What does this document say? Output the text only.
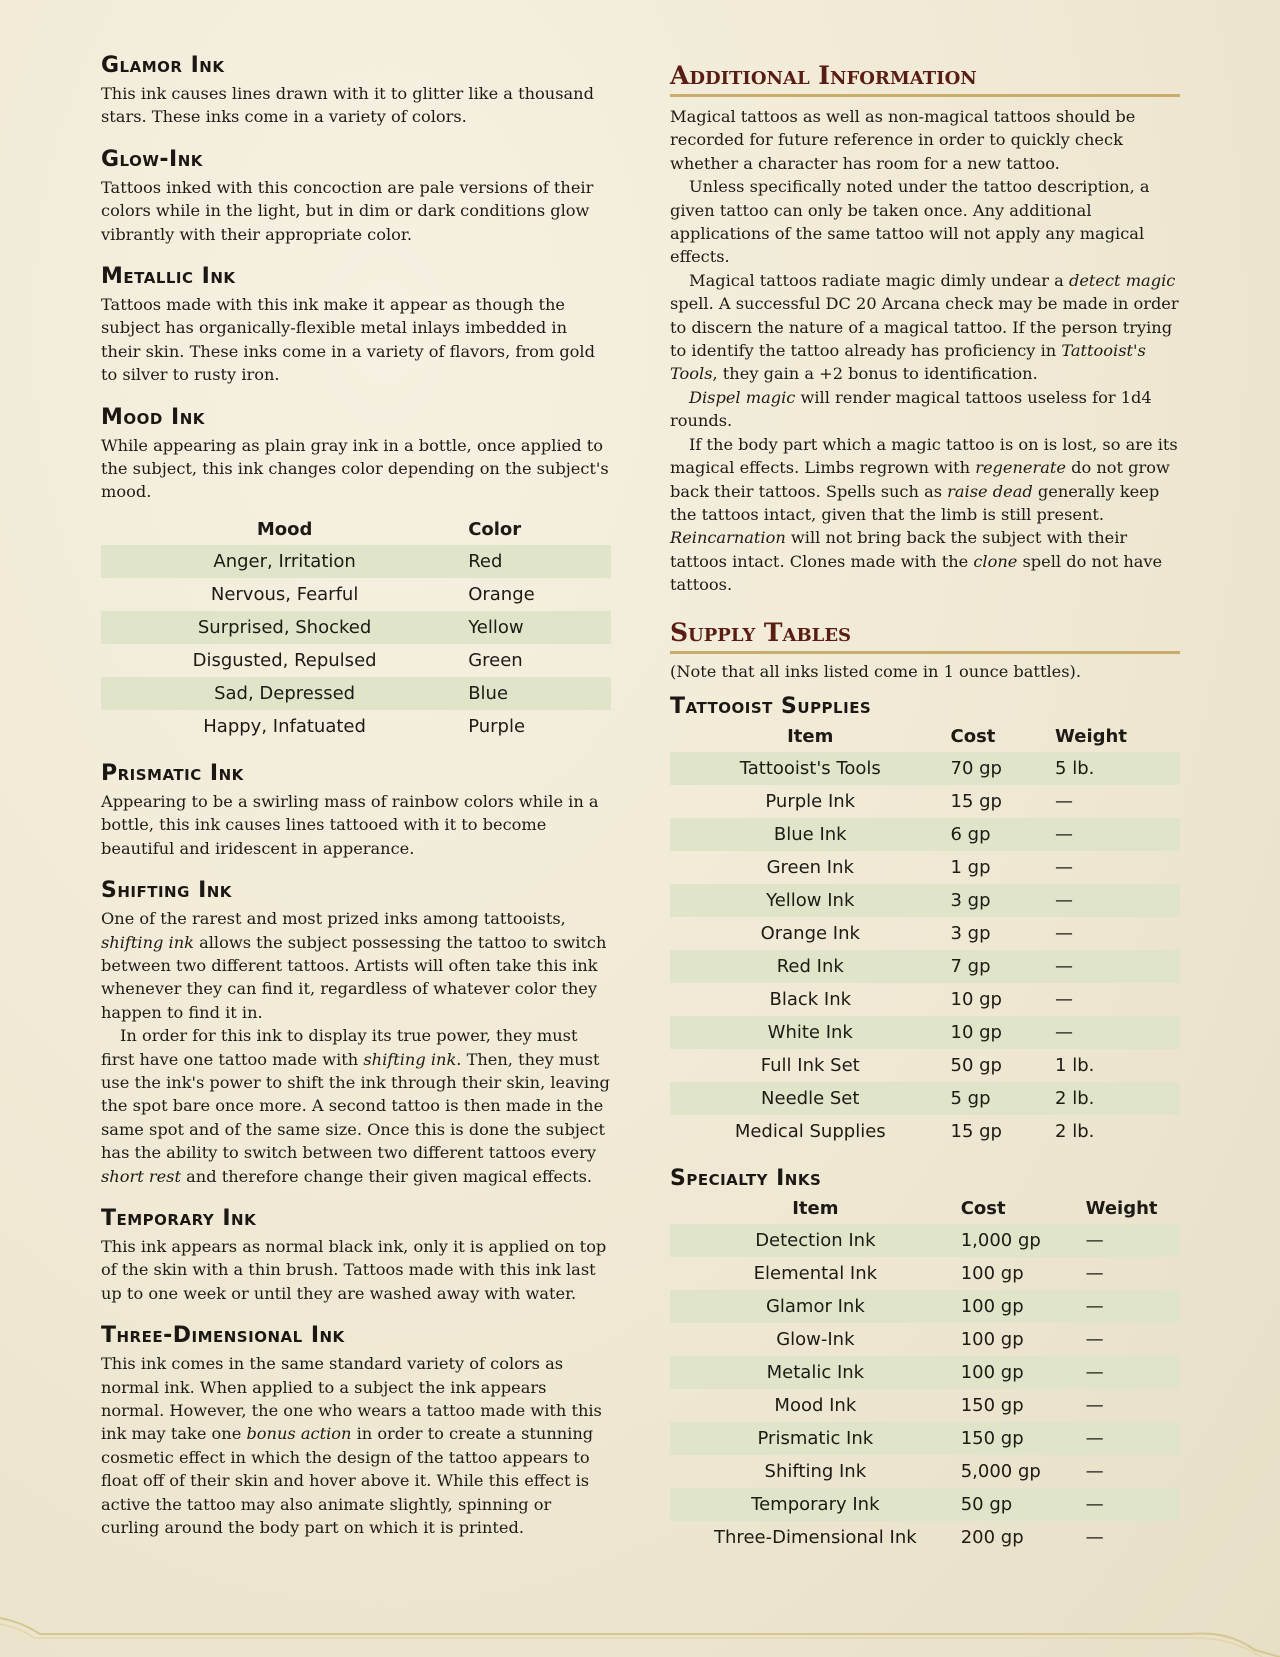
Glamor Ink

This ink causes lines drawn with it to glitter like a thousand stars. These inks come in a variety of colors.

Glow-Ink

Tattoos inked with this concoction are pale versions of their colors while in the light, but in dim or dark conditions glow vibrantly with their appropriate color.

Metallic Ink

Tattoos made with this ink make it appear as though the subject has organically-flexible metal inlays imbedded in their skin. These inks come in a variety of flavors, from gold to silver to rusty iron.

Mood Ink

While appearing as plain gray ink in a bottle, once applied to the subject, this ink changes color depending on the subject's mood.

Mood	Color
Anger, Irritation	Red
Nervous, Fearful	Orange
Surprised, Shocked	Yellow
Disgusted, Repulsed	Green
Sad, Depressed	Blue
Happy, Infatuated	Purple
Prismatic Ink

Appearing to be a swirling mass of rainbow colors while in a bottle, this ink causes lines tattooed with it to become beautiful and iridescent in apperance.

Shifting Ink

One of the rarest and most prized inks among tattooists, shifting ink allows the subject possessing the tattoo to switch between two different tattoos. Artists will often take this ink whenever they can find it, regardless of whatever color they happen to find it in.

In order for this ink to display its true power, they must first have one tattoo made with shifting ink. Then, they must use the ink's power to shift the ink through their skin, leaving the spot bare once more. A second tattoo is then made in the same spot and of the same size. Once this is done the subject has the ability to switch between two different tattoos every short rest and therefore change their given magical effects.

Temporary Ink

This ink appears as normal black ink, only it is applied on top of the skin with a thin brush. Tattoos made with this ink last up to one week or until they are washed away with water.

Three-Dimensional Ink

This ink comes in the same standard variety of colors as normal ink. When applied to a subject the ink appears normal. However, the one who wears a tattoo made with this ink may take one bonus action in order to create a stunning cosmetic effect in which the design of the tattoo appears to float off of their skin and hover above it. While this effect is active the tattoo may also animate slightly, spinning or curling around the body part on which it is printed.

Additional Information

Magical tattoos as well as non-magical tattoos should be recorded for future reference in order to quickly check whether a character has room for a new tattoo.

Unless specifically noted under the tattoo description, a given tattoo can only be taken once. Any additional applications of the same tattoo will not apply any magical effects.

Magical tattoos radiate magic dimly undear a detect magic spell. A successful DC 20 Arcana check may be made in order to discern the nature of a magical tattoo. If the person trying to identify the tattoo already has proficiency in Tattooist's Tools, they gain a +2 bonus to identification.

Dispel magic will render magical tattoos useless for 1d4 rounds.

If the body part which a magic tattoo is on is lost, so are its magical effects. Limbs regrown with regenerate do not grow back their tattoos. Spells such as raise dead generally keep the tattoos intact, given that the limb is still present. Reincarnation will not bring back the subject with their tattoos intact. Clones made with the clone spell do not have tattoos.

Supply Tables

(Note that all inks listed come in 1 ounce battles).

Tattooist Supplies
Item	Cost	Weight
Tattooist's Tools	70 gp	5 lb.
Purple Ink	15 gp	—
Blue Ink	6 gp	—
Green Ink	1 gp	—
Yellow Ink	3 gp	—
Orange Ink	3 gp	—
Red Ink	7 gp	—
Black Ink	10 gp	—
White Ink	10 gp	—
Full Ink Set	50 gp	1 lb.
Needle Set	5 gp	2 lb.
Medical Supplies	15 gp	2 lb.
Specialty Inks
Item	Cost	Weight
Detection Ink	1,000 gp	—
Elemental Ink	100 gp	—
Glamor Ink	100 gp	—
Glow-Ink	100 gp	—
Metalic Ink	100 gp	—
Mood Ink	150 gp	—
Prismatic Ink	150 gp	—
Shifting Ink	5,000 gp	—
Temporary Ink	50 gp	—
Three-Dimensional Ink	200 gp	—
